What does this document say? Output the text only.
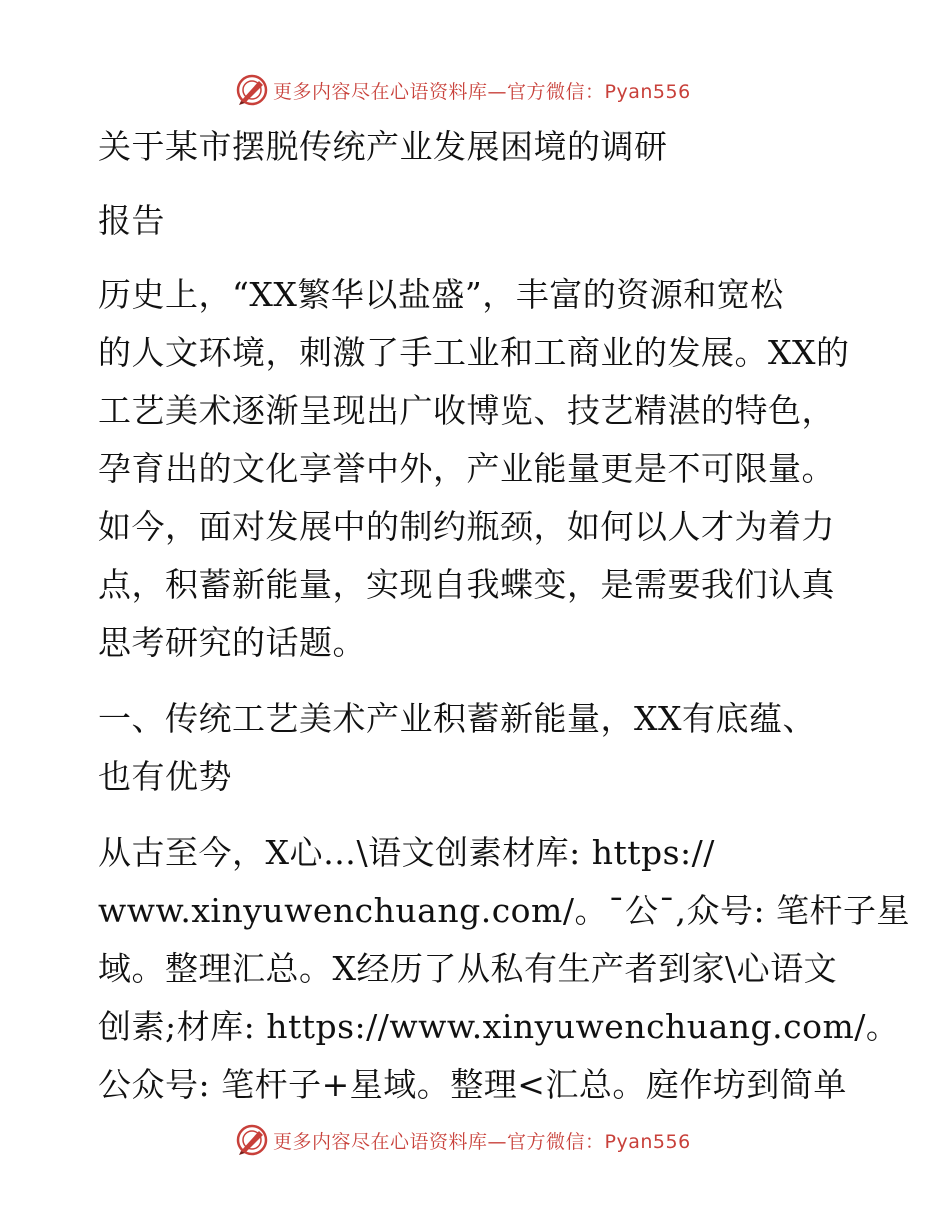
更多内容尽在心语资料库—官方微信：Pyan556
关于某市摆脱传统产业发展困境的调研
报告
历史上，“XX繁华以盐盛”，丰富的资源和宽松
的人文环境，刺激了手工业和工商业的发展。XX的
工艺美术逐渐呈现出广收博览、技艺精湛的特色，
孕育出的文化享誉中外，产业能量更是不可限量。
如今，面对发展中的制约瓶颈，如何以人才为着力
点，积蓄新能量，实现自我蝶变，是需要我们认真
思考研究的话题。
一、传统工艺美术产业积蓄新能量，XX有底蕴、
也有优势
从古至今，X心…\语文创素材库: https://
www.xinyuwenchuang.com/。¯公¯,众号: 笔杆子星
域。整理汇总。X经历了从私有生产者到家\心语文
创素;材库: https://www.xinyuwenchuang.com/。
公众号: 笔杆子+星域。整理<汇总。庭作坊到简单
更多内容尽在心语资料库—官方微信：Pyan556
